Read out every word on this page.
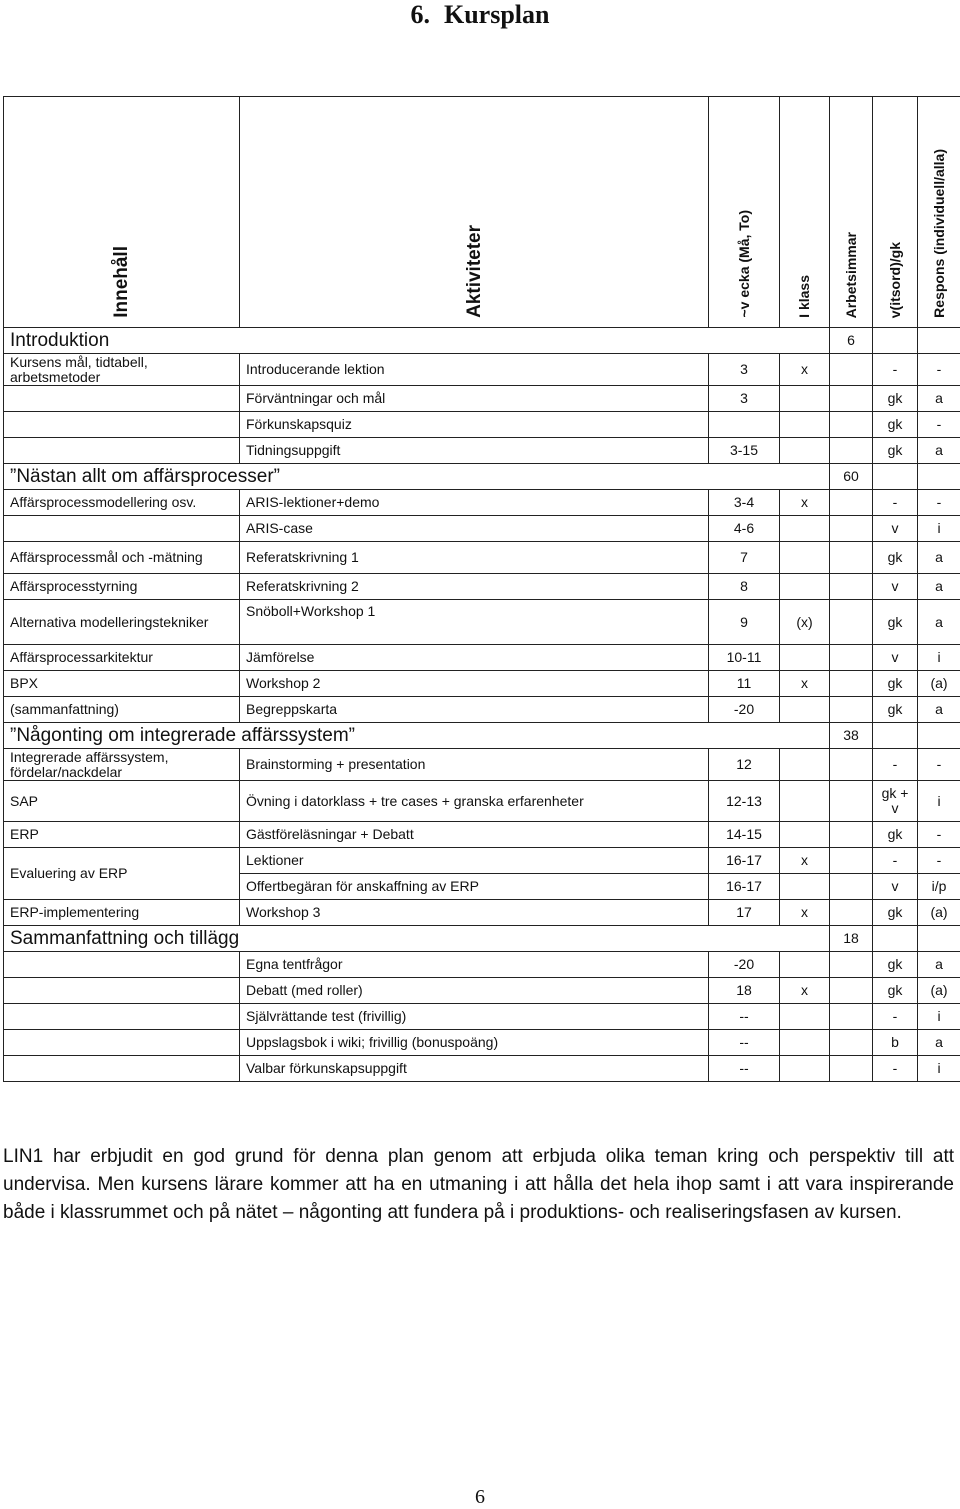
6. Kursplan
Innehåll	Aktiviteter	~v ecka (Må, To)	I klass	Arbetsimmar	v(itsord)/gk	Respons (individuell/alla)
Introduktion				6		
Kursens mål, tidtabell, arbetsmetoder	Introducerande lektion	3	x		-	-
	Förväntningar och mål	3			gk	a
	Förkunskapsquiz				gk	-
	Tidningsuppgift	3-15			gk	a
”Nästan allt om affärsprocesser”				60		
Affärsprocessmodellering osv.	ARIS-lektioner+demo	3-4	x		-	-
	ARIS-case	4-6			v	i
Affärsprocessmål och -mätning	Referatskrivning 1	7			gk	a
Affärsprocesstyrning	Referatskrivning 2	8			v	a
Alternativa modelleringstekniker	Snöboll+Workshop 1	9	(x)		gk	a
Affärsprocessarkitektur	Jämförelse	10-11			v	i
BPX	Workshop 2	11	x		gk	(a)
(sammanfattning)	Begreppskarta	-20			gk	a
”Någonting om integrerade affärssystem”				38		
Integrerade affärssystem, fördelar/nackdelar	Brainstorming + presentation	12			-	-
SAP	Övning i datorklass + tre cases + granska erfarenheter	12-13			gk + v	i
ERP	Gästföreläsningar + Debatt	14-15			gk	-
Evaluering av ERP	Lektioner	16-17	x		-	-
	Offertbegäran för anskaffning av ERP	16-17			v	i/p
ERP-implementering	Workshop 3	17	x		gk	(a)
Sammanfattning och tillägg				18		
	Egna tentfrågor	-20			gk	a
	Debatt (med roller)	18	x		gk	(a)
	Självrättande test (frivillig)	--			-	i
	Uppslagsbok i wiki; frivillig (bonuspoäng)	--			b	a
	Valbar förkunskapsuppgift	--			-	i

LIN1 har erbjudit en god grund för denna plan genom att erbjuda olika teman kring och perspektiv till att undervisa. Men kursens lärare kommer att ha en utmaning i att hålla det hela ihop samt i att vara inspirerande både i klassrummet och på nätet – någonting att fundera på i produktions- och realiseringsfasen av kursen.

6
